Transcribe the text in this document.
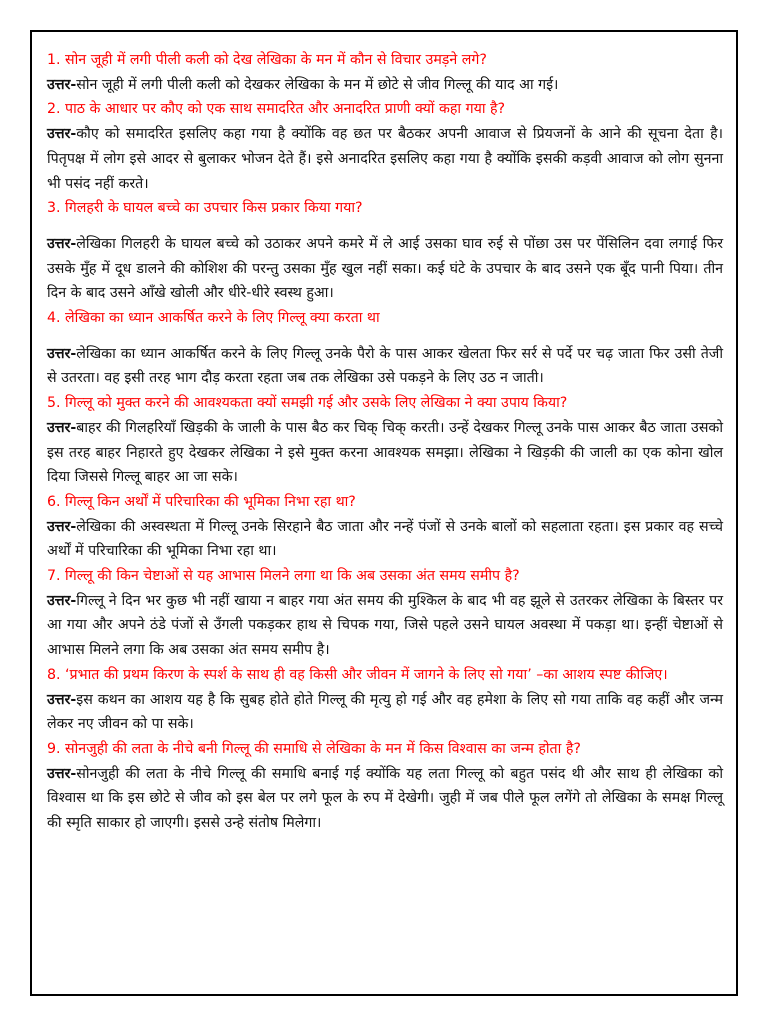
1. सोन जूही में लगी पीली कली को देख लेखिका के मन में कौन से विचार उमड़ने लगे?

उत्तर-सोन जूही में लगी पीली कली को देखकर लेखिका के मन में छोटे से जीव गिल्लू की याद आ गई।

2. पाठ के आधार पर कौए को एक साथ समादरित और अनादरित प्राणी क्यों कहा गया है?

उत्तर-कौए को समादरित इसलिए कहा गया है क्योंकि वह छत पर बैठकर अपनी आवाज से प्रियजनों के आने की सूचना देता है। पितृपक्ष में लोग इसे आदर से बुलाकर भोजन देते हैं। इसे अनादरित इसलिए कहा गया है क्योंकि इसकी कड़वी आवाज को लोग सुनना भी पसंद नहीं करते।

3. गिलहरी के घायल बच्चे का उपचार किस प्रकार किया गया?

उत्तर-लेखिका गिलहरी के घायल बच्चे को उठाकर अपने कमरे में ले आई उसका घाव रुई से पोंछा उस पर पेंसिलिन दवा लगाई फिर उसके मुँह में दूध डालने की कोशिश की परन्तु उसका मुँह खुल नहीं सका। कई घंटे के उपचार के बाद उसने एक बूँद पानी पिया। तीन दिन के बाद उसने आँखे खोली और धीरे-धीरे स्वस्थ हुआ।

4. लेखिका का ध्यान आकर्षित करने के लिए गिल्लू क्या करता था

उत्तर-लेखिका का ध्यान आकर्षित करने के लिए गिल्लू उनके पैरो के पास आकर खेलता फिर सर्र से पर्दे पर चढ़ जाता फिर उसी तेजी से उतरता। वह इसी तरह भाग दौड़ करता रहता जब तक लेखिका उसे पकड़ने के लिए उठ न जाती।

5. गिल्लू को मुक्त करने की आवश्यकता क्यों समझी गई और उसके लिए लेखिका ने क्या उपाय किया?

उत्तर-बाहर की गिलहरियाँ खिड़की के जाली के पास बैठ कर चिक् चिक् करती। उन्हें देखकर गिल्लू उनके पास आकर बैठ जाता उसको इस तरह बाहर निहारते हुए देखकर लेखिका ने इसे मुक्त करना आवश्यक समझा। लेखिका ने खिड़की की जाली का एक कोना खोल दिया जिससे गिल्लू बाहर आ जा सके।

6. गिल्लू किन अर्थों में परिचारिका की भूमिका निभा रहा था?

उत्तर-लेखिका की अस्वस्थता में गिल्लू उनके सिरहाने बैठ जाता और नन्हें पंजों से उनके बालों को सहलाता रहता। इस प्रकार वह सच्चे अर्थों में परिचारिका की भूमिका निभा रहा था।

7. गिल्लू की किन चेष्टाओं से यह आभास मिलने लगा था कि अब उसका अंत समय समीप है?

उत्तर-गिल्लू ने दिन भर कुछ भी नहीं खाया न बाहर गया अंत समय की मुश्किल के बाद भी वह झूले से उतरकर लेखिका के बिस्तर पर आ गया और अपने ठंडे पंजों से उँगली पकड़कर हाथ से चिपक गया, जिसे पहले उसने घायल अवस्था में पकड़ा था। इन्हीं चेष्टाओं से आभास मिलने लगा कि अब उसका अंत समय समीप है।

8. ‘प्रभात की प्रथम किरण के स्पर्श के साथ ही वह किसी और जीवन में जागने के लिए सो गया’ –का आशय स्पष्ट कीजिए।

उत्तर-इस कथन का आशय यह है कि सुबह होते होते गिल्लू की मृत्यु हो गई और वह हमेशा के लिए सो गया ताकि वह कहीं और जन्म लेकर नए जीवन को पा सके।

9. सोनजुही की लता के नीचे बनी गिल्लू की समाधि से लेखिका के मन में किस विश्वास का जन्म होता है?

उत्तर-सोनजुही की लता के नीचे गिल्लू की समाधि बनाई गई क्योंकि यह लता गिल्लू को बहुत पसंद थी और साथ ही लेखिका को विश्वास था कि इस छोटे से जीव को इस बेल पर लगे फूल के रुप में देखेगी। जुही में जब पीले फूल लगेंगे तो लेखिका के समक्ष गिल्लू की स्मृति साकार हो जाएगी। इससे उन्हे संतोष मिलेगा।
